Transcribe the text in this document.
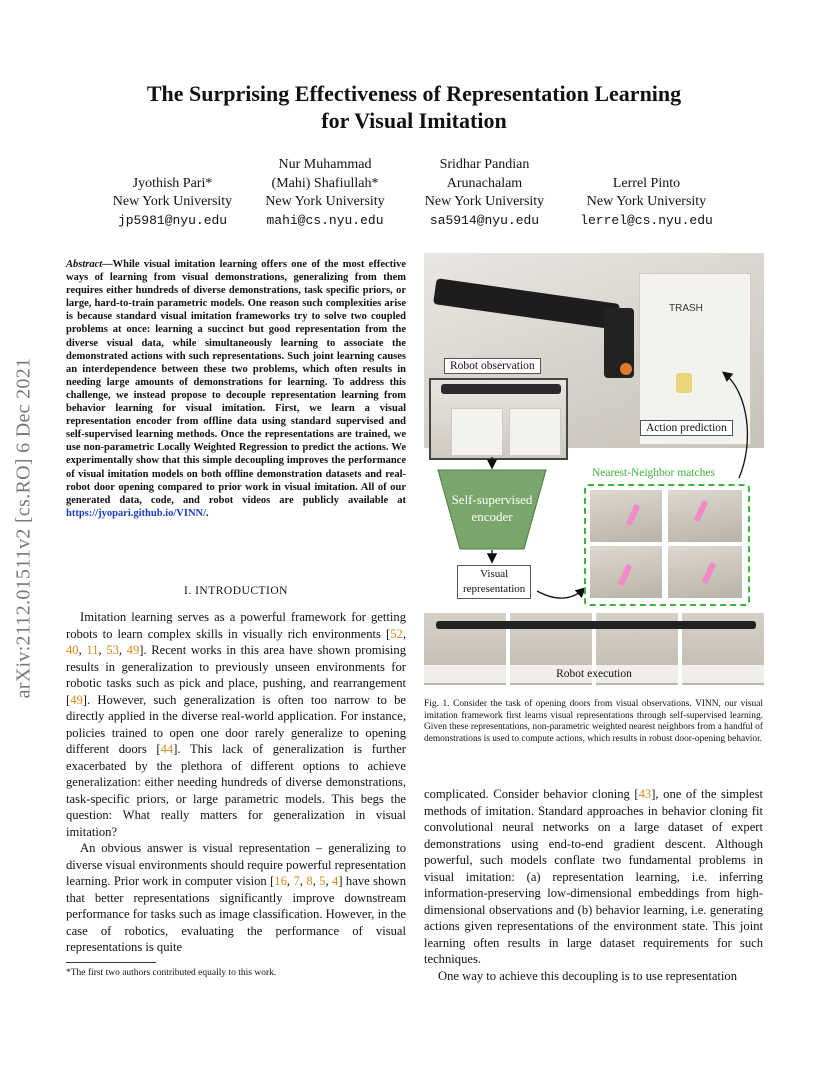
The Surprising Effectiveness of Representation Learning
for Visual Imitation

Jyothish Pari*
New York University
jp5981@nyu.edu
Nur Muhammad
(Mahi) Shafiullah*
New York University
mahi@cs.nyu.edu
Sridhar Pandian
Arunachalam
New York University
sa5914@nyu.edu

Lerrel Pinto
New York University
lerrel@cs.nyu.edu
arXiv:2112.01511v2 [cs.RO] 6 Dec 2021
Abstract—While visual imitation learning offers one of the most effective ways of learning from visual demonstrations, generalizing from them requires either hundreds of diverse demonstrations, task specific priors, or large, hard-to-train parametric models. One reason such complexities arise is because standard visual imitation frameworks try to solve two coupled problems at once: learning a succinct but good representation from the diverse visual data, while simultaneously learning to associate the demonstrated actions with such representations. Such joint learning causes an interdependence between these two problems, which often results in needing large amounts of demonstrations for learning. To address this challenge, we instead propose to decouple representation learning from behavior learning for visual imitation. First, we learn a visual representation encoder from offline data using standard supervised and self-supervised learning methods. Once the representations are trained, we use non-parametric Locally Weighted Regression to predict the actions. We experimentally show that this simple decoupling improves the performance of visual imitation models on both offline demonstration datasets and real-robot door opening compared to prior work in visual imitation. All of our generated data, code, and robot videos are publicly available at https://jyopari.github.io/VINN/.
I. INTRODUCTION

Imitation learning serves as a powerful framework for getting robots to learn complex skills in visually rich environments [52, 40, 11, 53, 49]. Recent works in this area have shown promising results in generalization to previously unseen environments for robotic tasks such as pick and place, pushing, and rearrangement [49]. However, such generalization is often too narrow to be directly applied in the diverse real-world application. For instance, policies trained to open one door rarely generalize to opening different doors [44]. This lack of generalization is further exacerbated by the plethora of different options to achieve generalization: either needing hundreds of diverse demonstrations, task-specific priors, or large parametric models. This begs the question: What really matters for generalization in visual imitation?

An obvious answer is visual representation – generalizing to diverse visual environments should require powerful representation learning. Prior work in computer vision [16, 7, 8, 5, 4] have shown that better representations significantly improve downstream performance for tasks such as image classification. However, in the case of robotics, evaluating the performance of visual representations is quite

*The first two authors contributed equally to this work.
TRASH
Robot observation
Action prediction
Self-supervised
encoder
Visual
representation
Nearest-Neighbor matches
Robot execution
Fig. 1. Consider the task of opening doors from visual observations. VINN, our visual imitation framework first learns visual representations through self-supervised learning. Given these representations, non-parametric weighted nearest neighbors from a handful of demonstrations is used to compute actions, which results in robust door-opening behavior.

complicated. Consider behavior cloning [43], one of the simplest methods of imitation. Standard approaches in behavior cloning fit convolutional neural networks on a large dataset of expert demonstrations using end-to-end gradient descent. Although powerful, such models conflate two fundamental problems in visual imitation: (a) representation learning, i.e. inferring information-preserving low-dimensional embeddings from high-dimensional observations and (b) behavior learning, i.e. generating actions given representations of the environment state. This joint learning often results in large dataset requirements for such techniques.

One way to achieve this decoupling is to use representation
